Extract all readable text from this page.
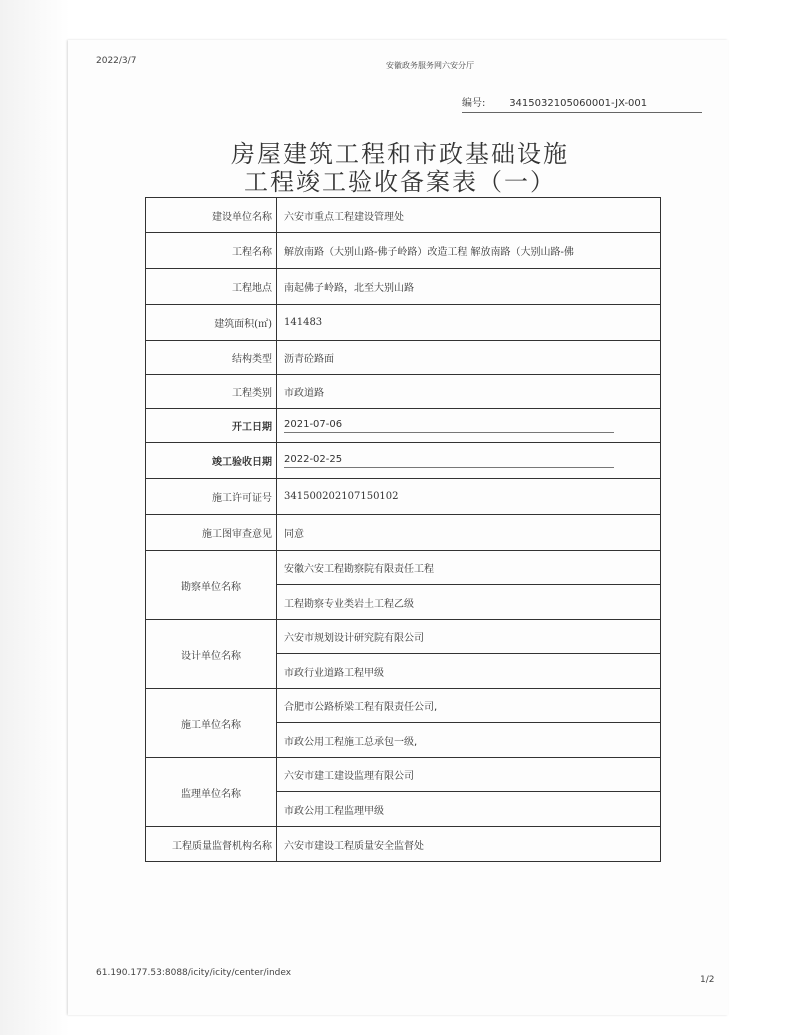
2022/3/7	安徽政务服务网六安分厅
编号: 3415032105060001-JX-001
房屋建筑工程和市政基础设施
工程竣工验收备案表（一）
建设单位名称	六安市重点工程建设管理处
工程名称	解放南路（大别山路-佛子岭路）改造工程 解放南路（大别山路-佛
工程地点	南起佛子岭路，北至大别山路
建筑面积(㎡)	141483
结构类型	沥青砼路面
工程类别	市政道路
开工日期	2021-07-06
竣工验收日期	2022-02-25
施工许可证号	341500202107150102
施工图审查意见	同意
勘察单位名称	安徽六安工程勘察院有限责任工程
	工程勘察专业类岩土工程乙级
设计单位名称	六安市规划设计研究院有限公司
	市政行业道路工程甲级
施工单位名称	合肥市公路桥梁工程有限责任公司,
	市政公用工程施工总承包一级,
监理单位名称	六安市建工建设监理有限公司
	市政公用工程监理甲级
工程质量监督机构名称	六安市建设工程质量安全监督处
61.190.177.53:8088/icity/icity/center/index
1/2
